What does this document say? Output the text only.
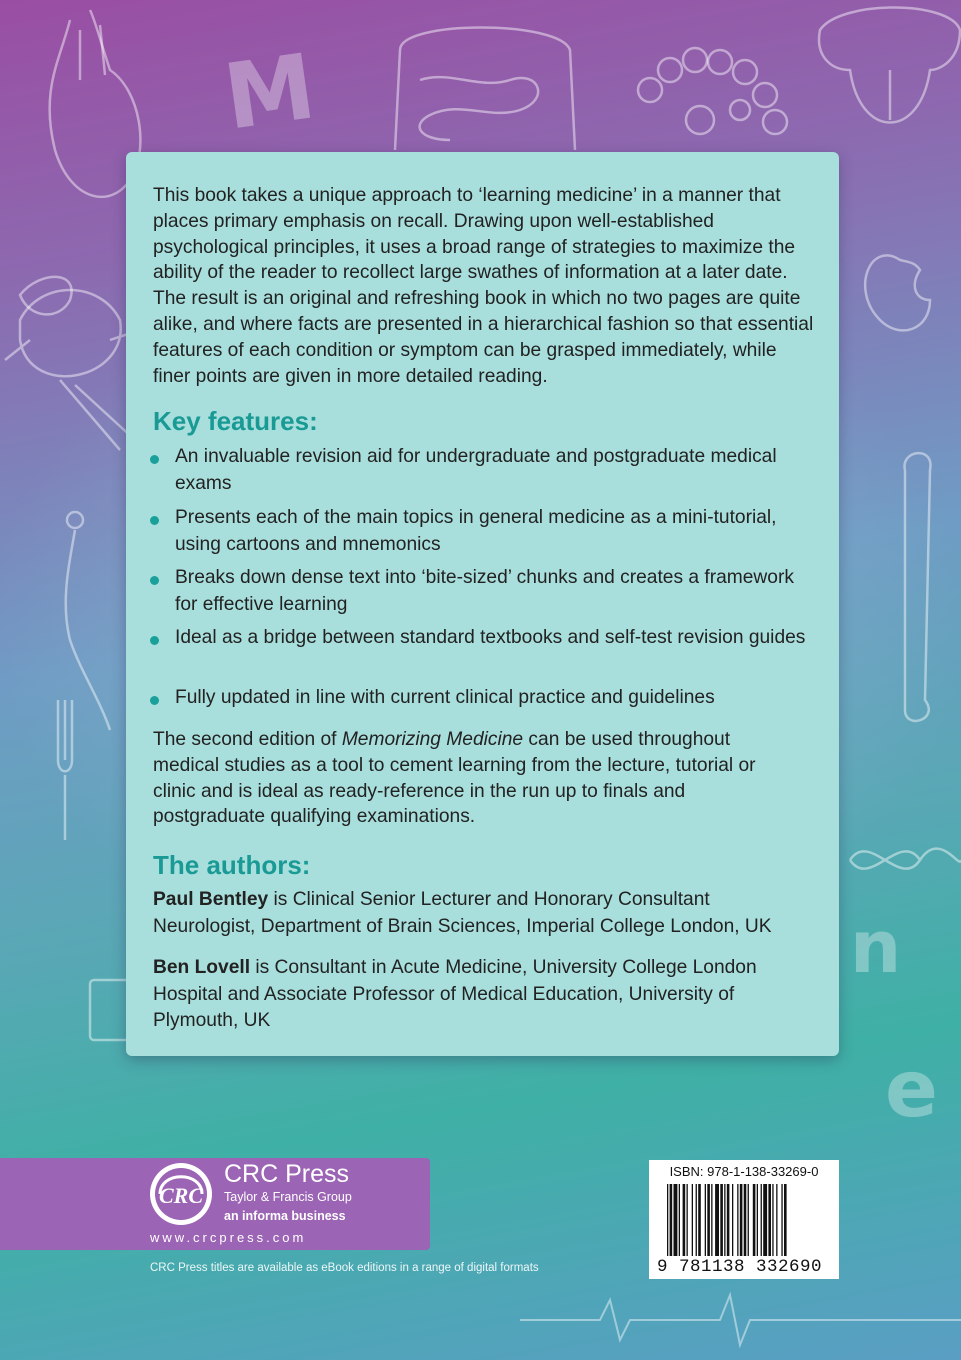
M
n
e
This book takes a unique approach to ‘learning medicine’ in a manner that places primary emphasis on recall. Drawing upon well-established psychological principles, it uses a broad range of strategies to maximize the ability of the reader to recollect large swathes of information at a later date. The result is an original and refreshing book in which no two pages are quite alike, and where facts are presented in a hierarchical fashion so that essential features of each condition or symptom can be grasped immediately, while finer points are given in more detailed reading.
Key features:
An invaluable revision aid for undergraduate and postgraduate medical exams
Presents each of the main topics in general medicine as a mini-tutorial, using cartoons and mnemonics
Breaks down dense text into ‘bite-sized’ chunks and creates a framework for effective learning
Ideal as a bridge between standard textbooks and self-test revision guides
Fully updated in line with current clinical practice and guidelines
The second edition of Memorizing Medicine can be used throughout medical studies as a tool to cement learning from the lecture, tutorial or clinic and is ideal as ready-reference in the run up to finals and postgraduate qualifying examinations.
The authors:
Paul Bentley is Clinical Senior Lecturer and Honorary Consultant Neurologist, Department of Brain Sciences, Imperial College London, UK
Ben Lovell is Consultant in Acute Medicine, University College London Hospital and Associate Professor of Medical Education, University of Plymouth, UK
CRC
CRC Press
Taylor & Francis Group
an informa business
www.crcpress.com
CRC Press titles are available as eBook editions in a range of digital formats
ISBN: 978-1-138-33269-0
9 781138 332690
